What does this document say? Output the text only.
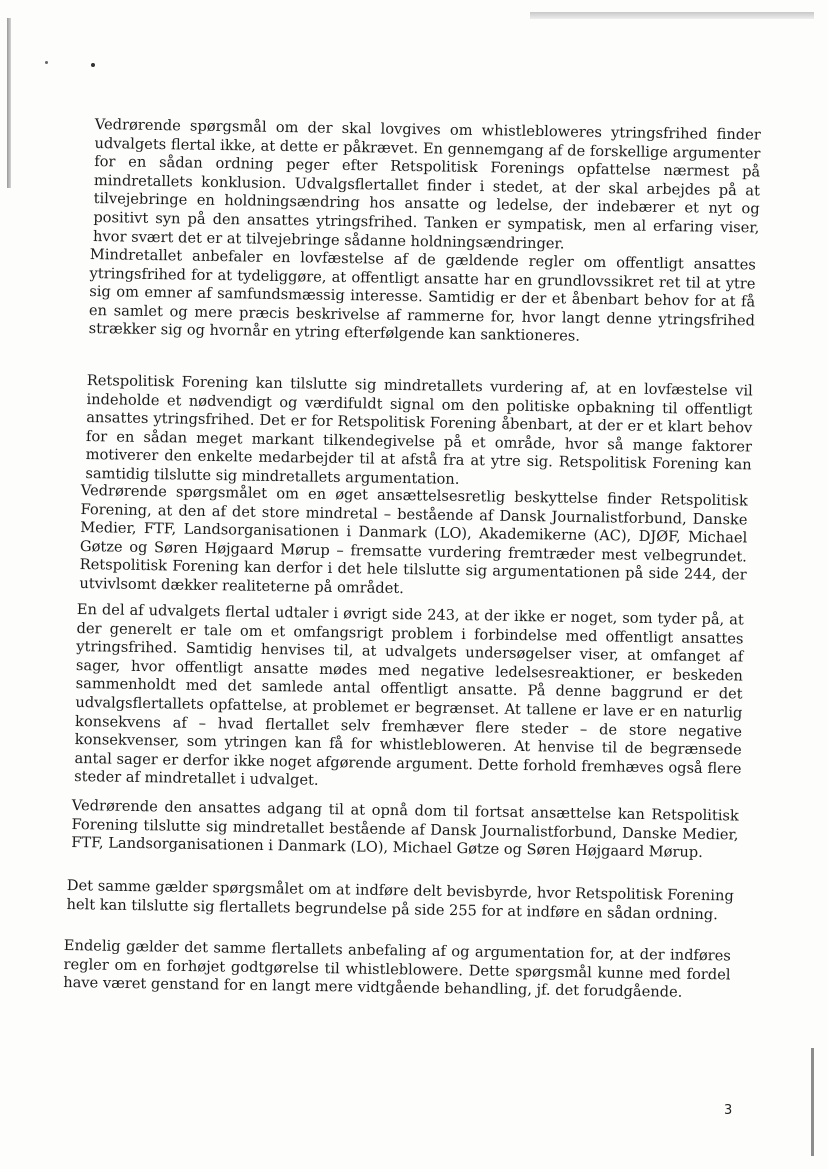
Vedrørende spørgsmål om der skal lovgives om whistlebloweres ytringsfrihed finder udvalgets flertal ikke, at dette er påkrævet. En gennemgang af de forskellige argumenter for en sådan ordning peger efter Retspolitisk Forenings opfattelse nærmest på mindretallets konklusion. Udvalgsflertallet finder i stedet, at der skal arbejdes på at tilvejebringe en holdningsændring hos ansatte og ledelse, der indebærer et nyt og positivt syn på den ansattes ytringsfrihed. Tanken er sympatisk, men al erfaring viser, hvor svært det er at tilvejebringe sådanne holdningsændringer.

Mindretallet anbefaler en lovfæstelse af de gældende regler om offentligt ansattes ytringsfrihed for at tydeliggøre, at offentligt ansatte har en grundlovssikret ret til at ytre sig om emner af samfundsmæssig interesse. Samtidig er der et åbenbart behov for at få en samlet og mere præcis beskrivelse af rammerne for, hvor langt denne ytringsfrihed strækker sig og hvornår en ytring efterfølgende kan sanktioneres.

Retspolitisk Forening kan tilslutte sig mindretallets vurdering af, at en lovfæstelse vil indeholde et nødvendigt og værdifuldt signal om den politiske opbakning til offentligt ansattes ytringsfrihed. Det er for Retspolitisk Forening åbenbart, at der er et klart behov for en sådan meget markant tilkendegivelse på et område, hvor så mange faktorer motiverer den enkelte medarbejder til at afstå fra at ytre sig. Retspolitisk Forening kan samtidig tilslutte sig mindretallets argumentation.

Vedrørende spørgsmålet om en øget ansættelsesretlig beskyttelse finder Retspolitisk Forening, at den af det store mindretal – bestående af Dansk Journalistforbund, Danske Medier, FTF, Landsorganisationen i Danmark (LO), Akademikerne (AC), DJØF, Michael Gøtze og Søren Højgaard Mørup – fremsatte vurdering fremtræder mest velbegrundet. Retspolitisk Forening kan derfor i det hele tilslutte sig argumentationen på side 244, der utvivlsomt dækker realiteterne på området.

En del af udvalgets flertal udtaler i øvrigt side 243, at der ikke er noget, som tyder på, at der generelt er tale om et omfangsrigt problem i forbindelse med offentligt ansattes ytringsfrihed. Samtidig henvises til, at udvalgets undersøgelser viser, at omfanget af sager, hvor offentligt ansatte mødes med negative ledelsesreaktioner, er beskeden sammenholdt med det samlede antal offentligt ansatte. På denne baggrund er det udvalgsflertallets opfattelse, at problemet er begrænset. At tallene er lave er en naturlig konsekvens af – hvad flertallet selv fremhæver flere steder – de store negative konsekvenser, som ytringen kan få for whistlebloweren. At henvise til de begrænsede antal sager er derfor ikke noget afgørende argument. Dette forhold fremhæves også flere steder af mindretallet i udvalget.

Vedrørende den ansattes adgang til at opnå dom til fortsat ansættelse kan Retspolitisk Forening tilslutte sig mindretallet bestående af Dansk Journalistforbund, Danske Medier, FTF, Landsorganisationen i Danmark (LO), Michael Gøtze og Søren Højgaard Mørup.

Det samme gælder spørgsmålet om at indføre delt bevisbyrde, hvor Retspolitisk Forening helt kan tilslutte sig flertallets begrundelse på side 255 for at indføre en sådan ordning.

Endelig gælder det samme flertallets anbefaling af og argumentation for, at der indføres regler om en forhøjet godtgørelse til whistleblowere. Dette spørgsmål kunne med fordel have været genstand for en langt mere vidtgående behandling, jf. det forudgående.

3
